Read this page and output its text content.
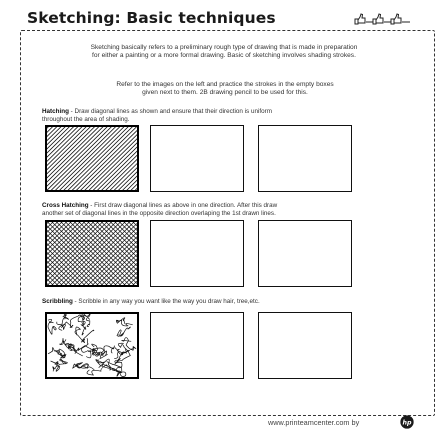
Sketching: Basic techniques
Sketching basically refers to a preliminary rough type of drawing that is made in preparation
for either a painting or a more formal drawing. Basic of sketching involves shading strokes.
Refer to the images on the left and practice the strokes in the empty boxes
given next to them. 2B drawing pencil to be used for this.
Hatching - Draw diagonal lines as shown and ensure that their direction is uniform
throughout the area of shading.
Cross Hatching - First draw diagonal lines as above in one direction. After this draw
another set of diagonal lines in the opposite direction overlaping the 1st drawn lines.
Scribbling - Scribble in any way you want like the way you draw hair, tree,etc.
www.printeamcenter.com by	hp
